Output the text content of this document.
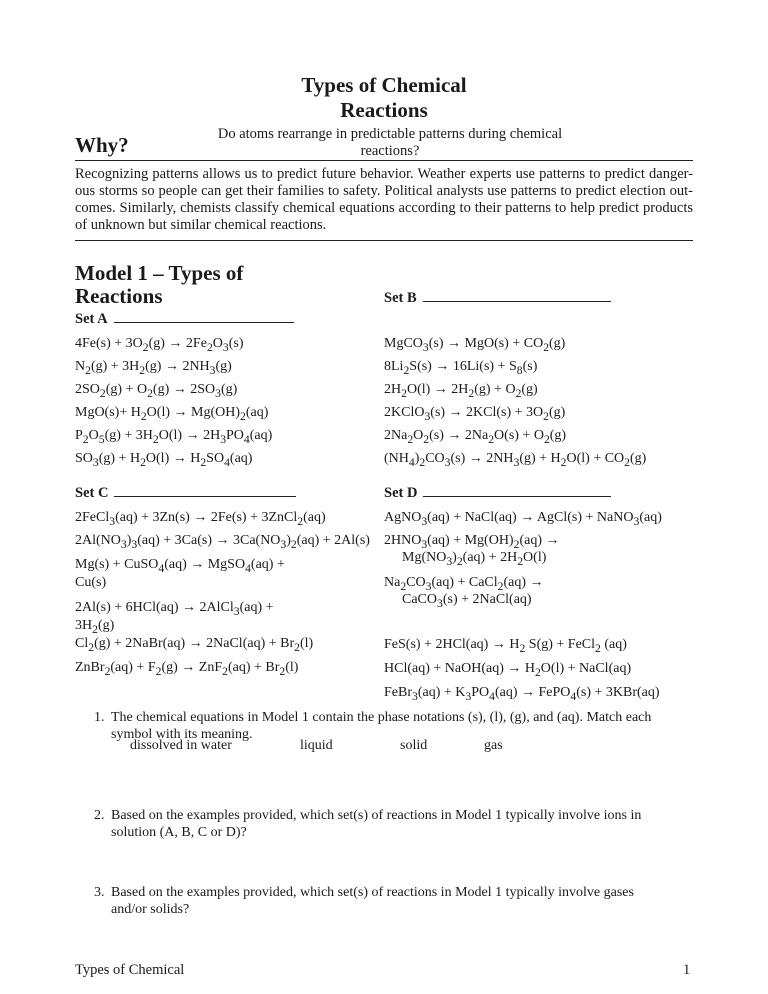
Types of Chemical
Reactions
Why?	Do atoms rearrange in predictable patterns during chemical reactions?
Recognizing patterns allows us to predict future behavior. Weather experts use patterns to predict danger- ous storms so people can get their families to safety. Political analysts use patterns to predict election out- comes. Similarly, chemists classify chemical equations according to their patterns to help predict products of unknown but similar chemical reactions.
Model 1 – Types of Reactions	Set B
Set A
$4Fe(s) + 3O_2(g) \to 2Fe_2O_3(s)$
$N_2(g) + 3H_2(g) \to 2NH_3(g)$
$2SO_2(g) + O_2(g) \to 2SO_3(g)$
$MgO(s)+ H_2O(l) \to Mg(OH)_2(aq)$
$P_2O_5(g) + 3H_2O(l) \to 2H_3PO_4(aq)$
$SO_3(g) + H_2O(l) \to H_2SO_4(aq)$
MgCO$_3$(s) → $MgO(s) + CO_2(g)$
$8Li_2S(s) \to 16Li(s) + S_8(s)$
$2H_2O(l) \to 2H_2(g) + O_2(g)$
2KClO$_3$(s) → $2KCl(s) + 3O_2(g)$
$2Na_2O_2(s) \to 2Na_2O(s) + O_2(g)$
$(NH_4)_2CO_3(s) \to 2NH_3(g) + H_2O(l) + CO_2(g)$
Set C	Set D
2FeCl$_3$(aq) + 3Zn(s) → 2Fe(s) + 3ZnCl$_2$(aq)
$2Al(NO_3)_3(aq) + 3Ca(s) \to 3Ca(NO_3)_2(aq) + 2Al(s)$
Mg(s) + CuSO$_4$(aq) → MgSO$_4$(aq) +
Cu(s)
2Al(s) + 6HCl(aq) → 2AlCl$_3$(aq) +
$3H_2(g)$
$Cl_2(g)$ + 2NaBr(aq) → 2NaCl(aq) + $Br_2(l)$
ZnBr$_2$(aq) + $F_2(g) \to ZnF_2(aq) + Br_2(l)$
AgNO$_3$(aq) + NaCl(aq) → AgCl(s) + NaNO$_3$(aq)
$2HNO_3(aq) + Mg(OH)_2(aq)$ →
$Mg(NO_3)_2(aq) + 2H_2O(l)$
$Na_2CO_3(aq)$ + CaCl$_2$(aq) →
CaCO$_3$(s) + 2NaCl(aq)
$FeS(s) + 2HCl(aq) \to H_2$ S(g) + FeCl$_2$ (aq)
HCl(aq) + NaOH(aq) → $H_2O(l)$ + NaCl(aq)
FeBr$_3$(aq) + $K_3PO_4(aq)$ → FePO$_4$(s) + 3KBr(aq)
1. The chemical equations in Model 1 contain the phase notations (s), (l), (g), and (aq). Match each symbol with its meaning.
dissolved in water	liquid	solid	gas
2. Based on the examples provided, which set(s) of reactions in Model 1 typically involve ions in solution (A, B, C or D)?
3. Based on the examples provided, which set(s) of reactions in Model 1 typically involve gases and/or solids?
Types of Chemical	1
